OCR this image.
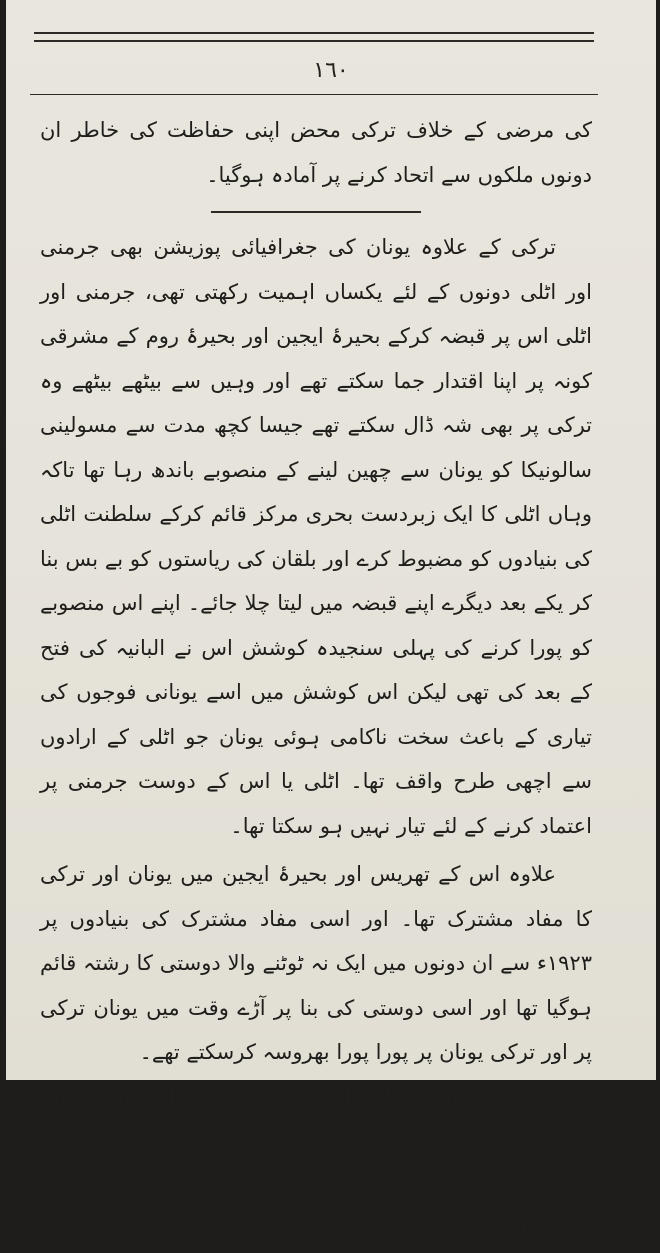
١٦٠

کی مرضی کے خلاف ترکی محض اپنی حفاظت کی خاطر ان دونوں ملکوں سے اتحاد کرنے پر آمادہ ہوگیا۔

ترکی کے علاوہ یونان کی جغرافیائی پوزیشن بھی جرمنی اور اٹلی دونوں کے لئے یکساں اہمیت رکھتی تھی، جرمنی اور اٹلی اس پر قبضہ کرکے بحیرۂ ایجین اور بحیرۂ روم کے مشرقی کونہ پر اپنا اقتدار جما سکتے تھے اور وہیں سے بیٹھے بیٹھے وہ ترکی پر بھی شہ ڈال سکتے تھے جیسا کچھ مدت سے مسولینی سالونیکا کو یونان سے چھین لینے کے منصوبے باندھ رہا تھا تاکہ وہاں اٹلی کا ایک زبردست بحری مرکز قائم کرکے سلطنت اٹلی کی بنیادوں کو مضبوط کرے اور بلقان کی ریاستوں کو بے بس بنا کر یکے بعد دیگرے اپنے قبضہ میں لیتا چلا جائے۔ اپنے اس منصوبے کو پورا کرنے کی پہلی سنجیدہ کوشش اس نے البانیہ کی فتح کے بعد کی تھی لیکن اس کوشش میں اسے یونانی فوجوں کی تیاری کے باعث سخت ناکامی ہوئی یونان جو اٹلی کے ارادوں سے اچھی طرح واقف تھا۔ اٹلی یا اس کے دوست جرمنی پر اعتماد کرنے کے لئے تیار نہیں ہو سکتا تھا۔

علاوہ اس کے تھریس اور بحیرۂ ایجین میں یونان اور ترکی کا مفاد مشترک تھا۔ اور اسی مفاد مشترک کی بنیادوں پر ١٩٢٣ء سے ان دونوں میں ایک نہ ٹوٹنے والا دوستی کا رشتہ قائم ہوگیا تھا اور اسی دوستی کی بنا پر آڑے وقت میں یونان ترکی پر اور ترکی یونان پر پورا پورا بھروسہ کرسکتے تھے۔

اسی کے ساتھ برطانیہ اور یونان کا بہت پرانا ساتھ تھا اور یونان کو بحیرۂ روم اور مشرق قریب میں برطانیہ کی طاقت پر اعتماد بھی تھا اسلئے جب برطانیہ نے اپریل ١٩٣٩ء میں رومانیہ اور رومانیہ کے ساتھ یونان کی حفاظت کی
